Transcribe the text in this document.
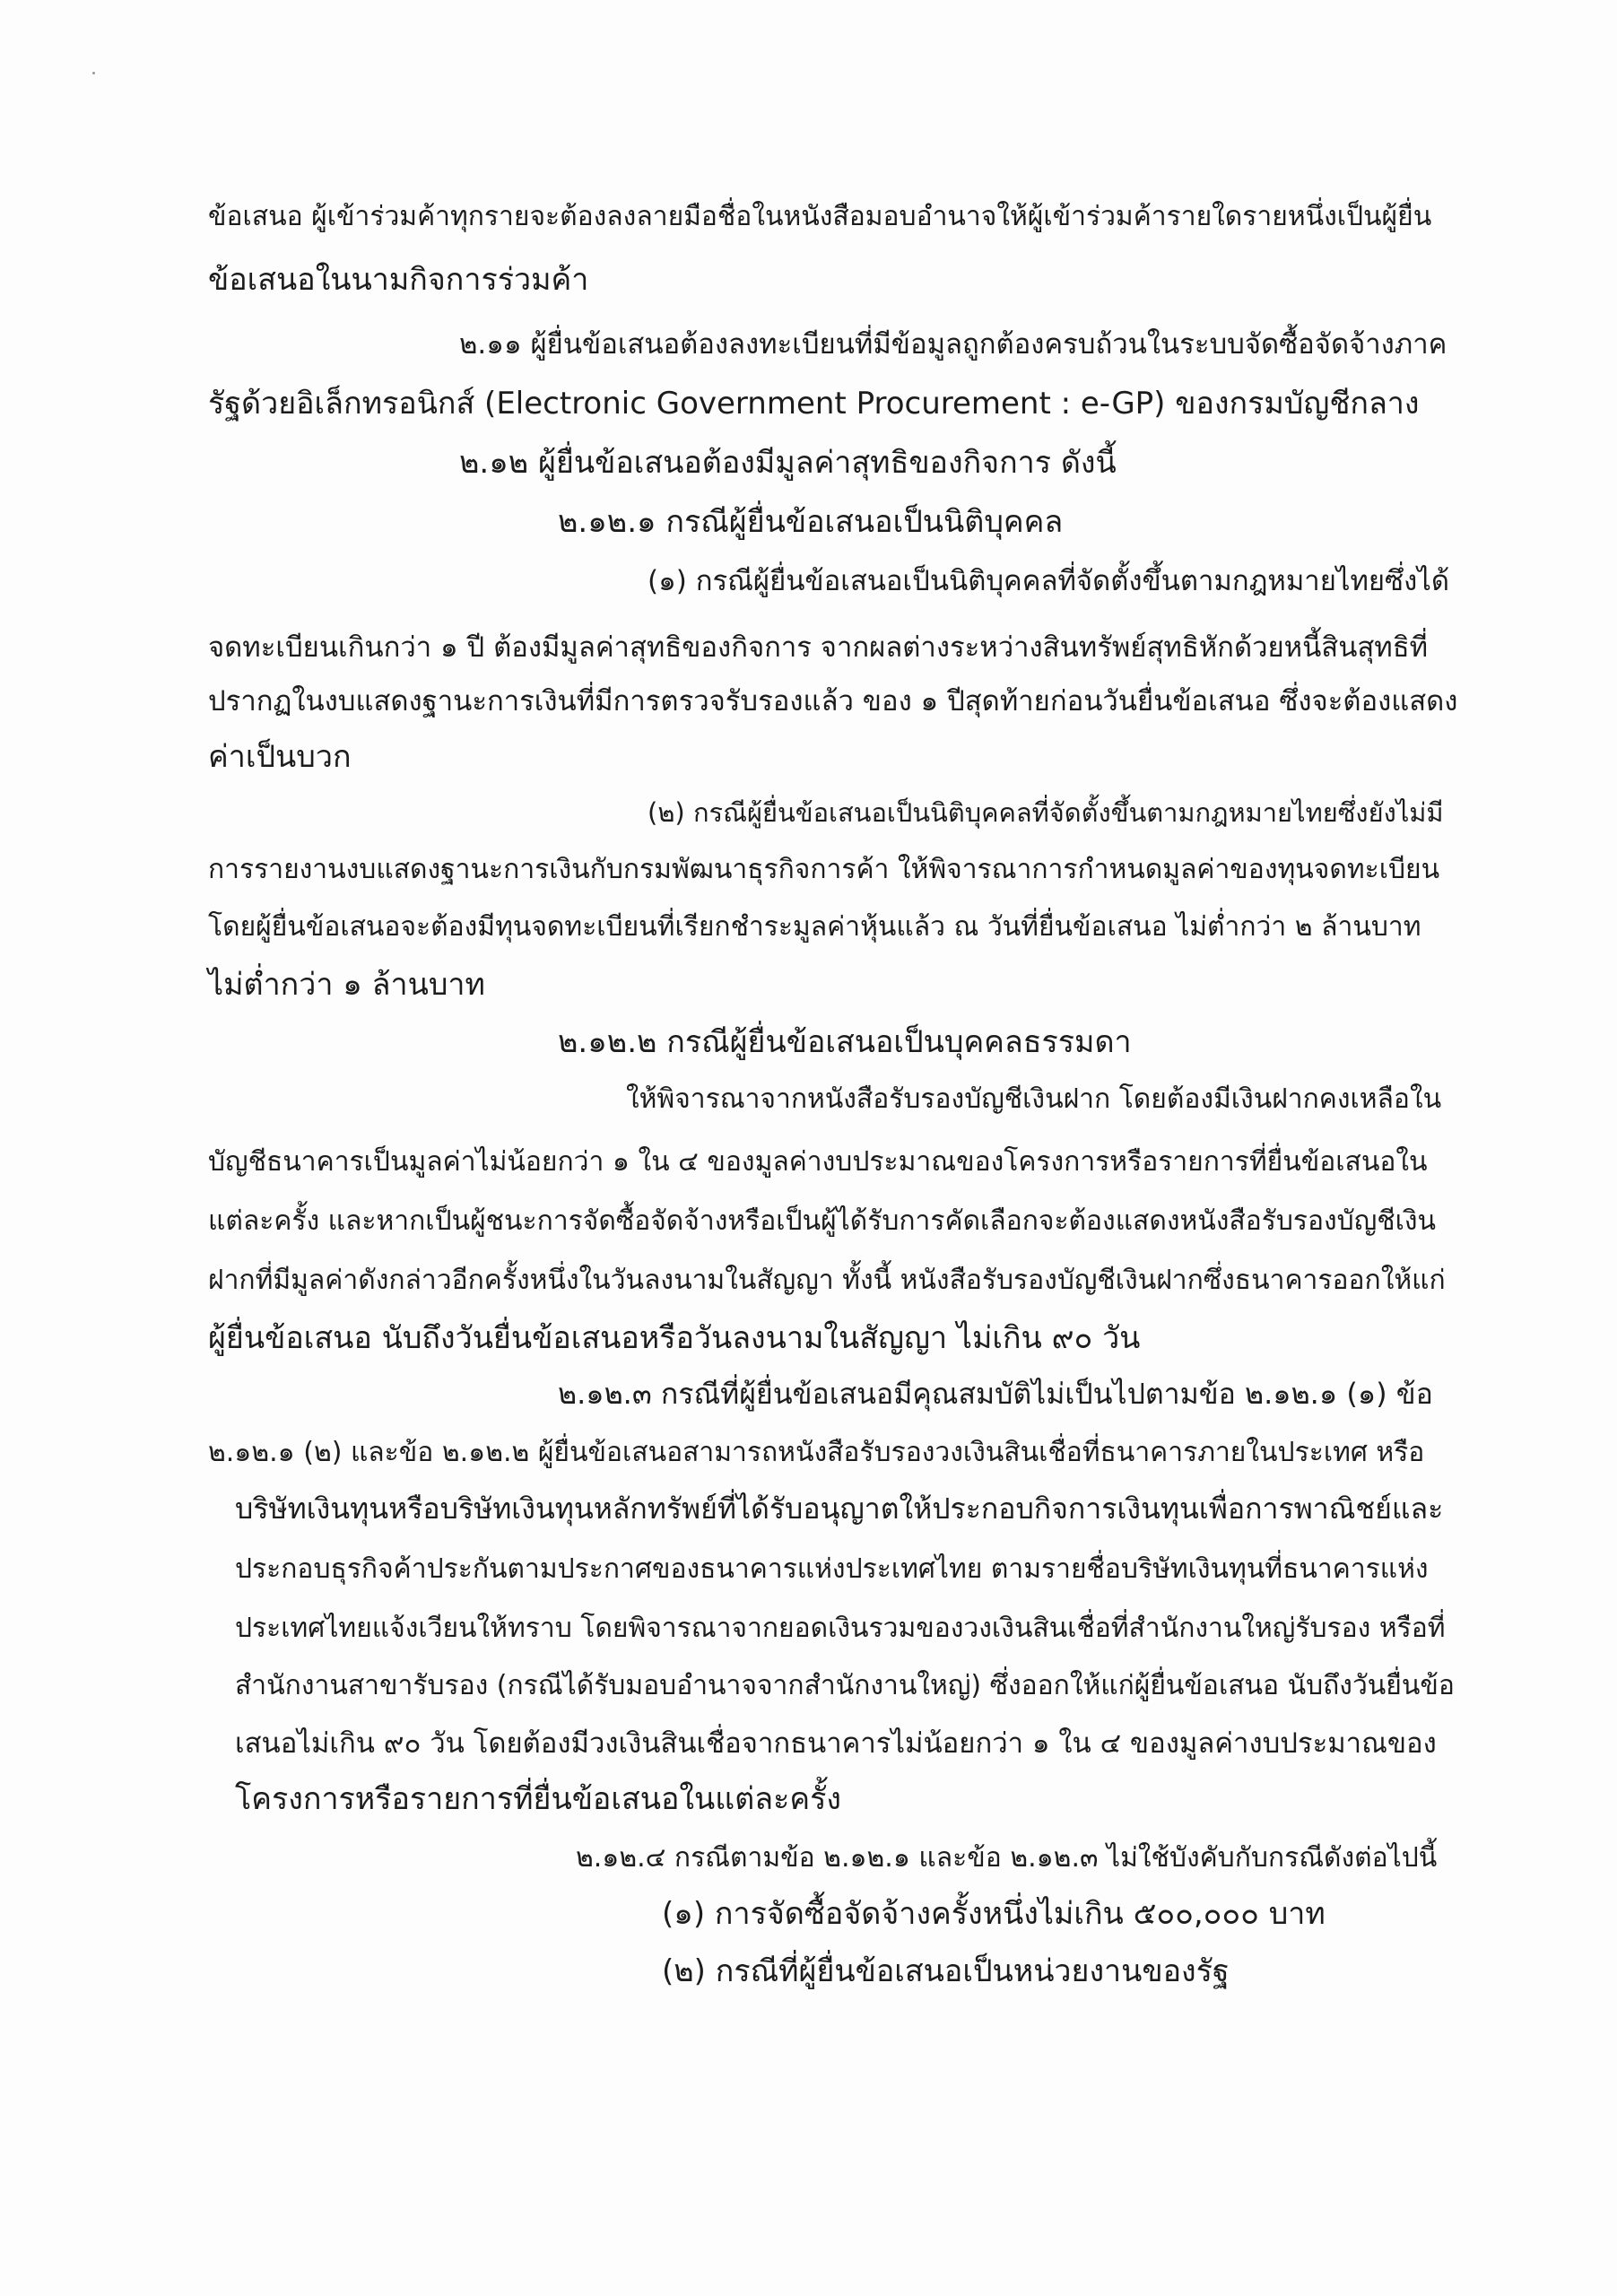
ข้อเสนอ ผู้เข้าร่วมค้าทุกรายจะต้องลงลายมือชื่อในหนังสือมอบอำนาจให้ผู้เข้าร่วมค้ารายใดรายหนึ่งเป็นผู้ยื่น
ข้อเสนอในนามกิจการร่วมค้า
๒.๑๑ ผู้ยื่นข้อเสนอต้องลงทะเบียนที่มีข้อมูลถูกต้องครบถ้วนในระบบจัดซื้อจัดจ้างภาค
รัฐด้วยอิเล็กทรอนิกส์ (Electronic Government Procurement : e-GP) ของกรมบัญชีกลาง
๒.๑๒ ผู้ยื่นข้อเสนอต้องมีมูลค่าสุทธิของกิจการ ดังนี้
๒.๑๒.๑ กรณีผู้ยื่นข้อเสนอเป็นนิติบุคคล
(๑) กรณีผู้ยื่นข้อเสนอเป็นนิติบุคคลที่จัดตั้งขึ้นตามกฎหมายไทยซึ่งได้
จดทะเบียนเกินกว่า ๑ ปี ต้องมีมูลค่าสุทธิของกิจการ จากผลต่างระหว่างสินทรัพย์สุทธิหักด้วยหนี้สินสุทธิที่
ปรากฏในงบแสดงฐานะการเงินที่มีการตรวจรับรองแล้ว ของ ๑ ปีสุดท้ายก่อนวันยื่นข้อเสนอ ซึ่งจะต้องแสดง
ค่าเป็นบวก
(๒) กรณีผู้ยื่นข้อเสนอเป็นนิติบุคคลที่จัดตั้งขึ้นตามกฎหมายไทยซึ่งยังไม่มี
การรายงานงบแสดงฐานะการเงินกับกรมพัฒนาธุรกิจการค้า ให้พิจารณาการกำหนดมูลค่าของทุนจดทะเบียน
โดยผู้ยื่นข้อเสนอจะต้องมีทุนจดทะเบียนที่เรียกชำระมูลค่าหุ้นแล้ว ณ วันที่ยื่นข้อเสนอ ไม่ต่ำกว่า ๒ ล้านบาท
ไม่ต่ำกว่า ๑ ล้านบาท
๒.๑๒.๒ กรณีผู้ยื่นข้อเสนอเป็นบุคคลธรรมดา
ให้พิจารณาจากหนังสือรับรองบัญชีเงินฝาก โดยต้องมีเงินฝากคงเหลือใน
บัญชีธนาคารเป็นมูลค่าไม่น้อยกว่า ๑ ใน ๔ ของมูลค่างบประมาณของโครงการหรือรายการที่ยื่นข้อเสนอใน
แต่ละครั้ง และหากเป็นผู้ชนะการจัดซื้อจัดจ้างหรือเป็นผู้ได้รับการคัดเลือกจะต้องแสดงหนังสือรับรองบัญชีเงิน
ฝากที่มีมูลค่าดังกล่าวอีกครั้งหนึ่งในวันลงนามในสัญญา ทั้งนี้ หนังสือรับรองบัญชีเงินฝากซึ่งธนาคารออกให้แก่
ผู้ยื่นข้อเสนอ นับถึงวันยื่นข้อเสนอหรือวันลงนามในสัญญา ไม่เกิน ๙๐ วัน
๒.๑๒.๓ กรณีที่ผู้ยื่นข้อเสนอมีคุณสมบัติไม่เป็นไปตามข้อ ๒.๑๒.๑ (๑) ข้อ
๒.๑๒.๑ (๒) และข้อ ๒.๑๒.๒ ผู้ยื่นข้อเสนอสามารถหนังสือรับรองวงเงินสินเชื่อที่ธนาคารภายในประเทศ หรือ
บริษัทเงินทุนหรือบริษัทเงินทุนหลักทรัพย์ที่ได้รับอนุญาตให้ประกอบกิจการเงินทุนเพื่อการพาณิชย์และ
ประกอบธุรกิจค้าประกันตามประกาศของธนาคารแห่งประเทศไทย ตามรายชื่อบริษัทเงินทุนที่ธนาคารแห่ง
ประเทศไทยแจ้งเวียนให้ทราบ โดยพิจารณาจากยอดเงินรวมของวงเงินสินเชื่อที่สำนักงานใหญ่รับรอง หรือที่
สำนักงานสาขารับรอง (กรณีได้รับมอบอำนาจจากสำนักงานใหญ่) ซึ่งออกให้แก่ผู้ยื่นข้อเสนอ นับถึงวันยื่นข้อ
เสนอไม่เกิน ๙๐ วัน โดยต้องมีวงเงินสินเชื่อจากธนาคารไม่น้อยกว่า ๑ ใน ๔ ของมูลค่างบประมาณของ
โครงการหรือรายการที่ยื่นข้อเสนอในแต่ละครั้ง
๒.๑๒.๔ กรณีตามข้อ ๒.๑๒.๑ และข้อ ๒.๑๒.๓ ไม่ใช้บังคับกับกรณีดังต่อไปนี้
(๑) การจัดซื้อจัดจ้างครั้งหนึ่งไม่เกิน ๕๐๐,๐๐๐ บาท
(๒) กรณีที่ผู้ยื่นข้อเสนอเป็นหน่วยงานของรัฐ
